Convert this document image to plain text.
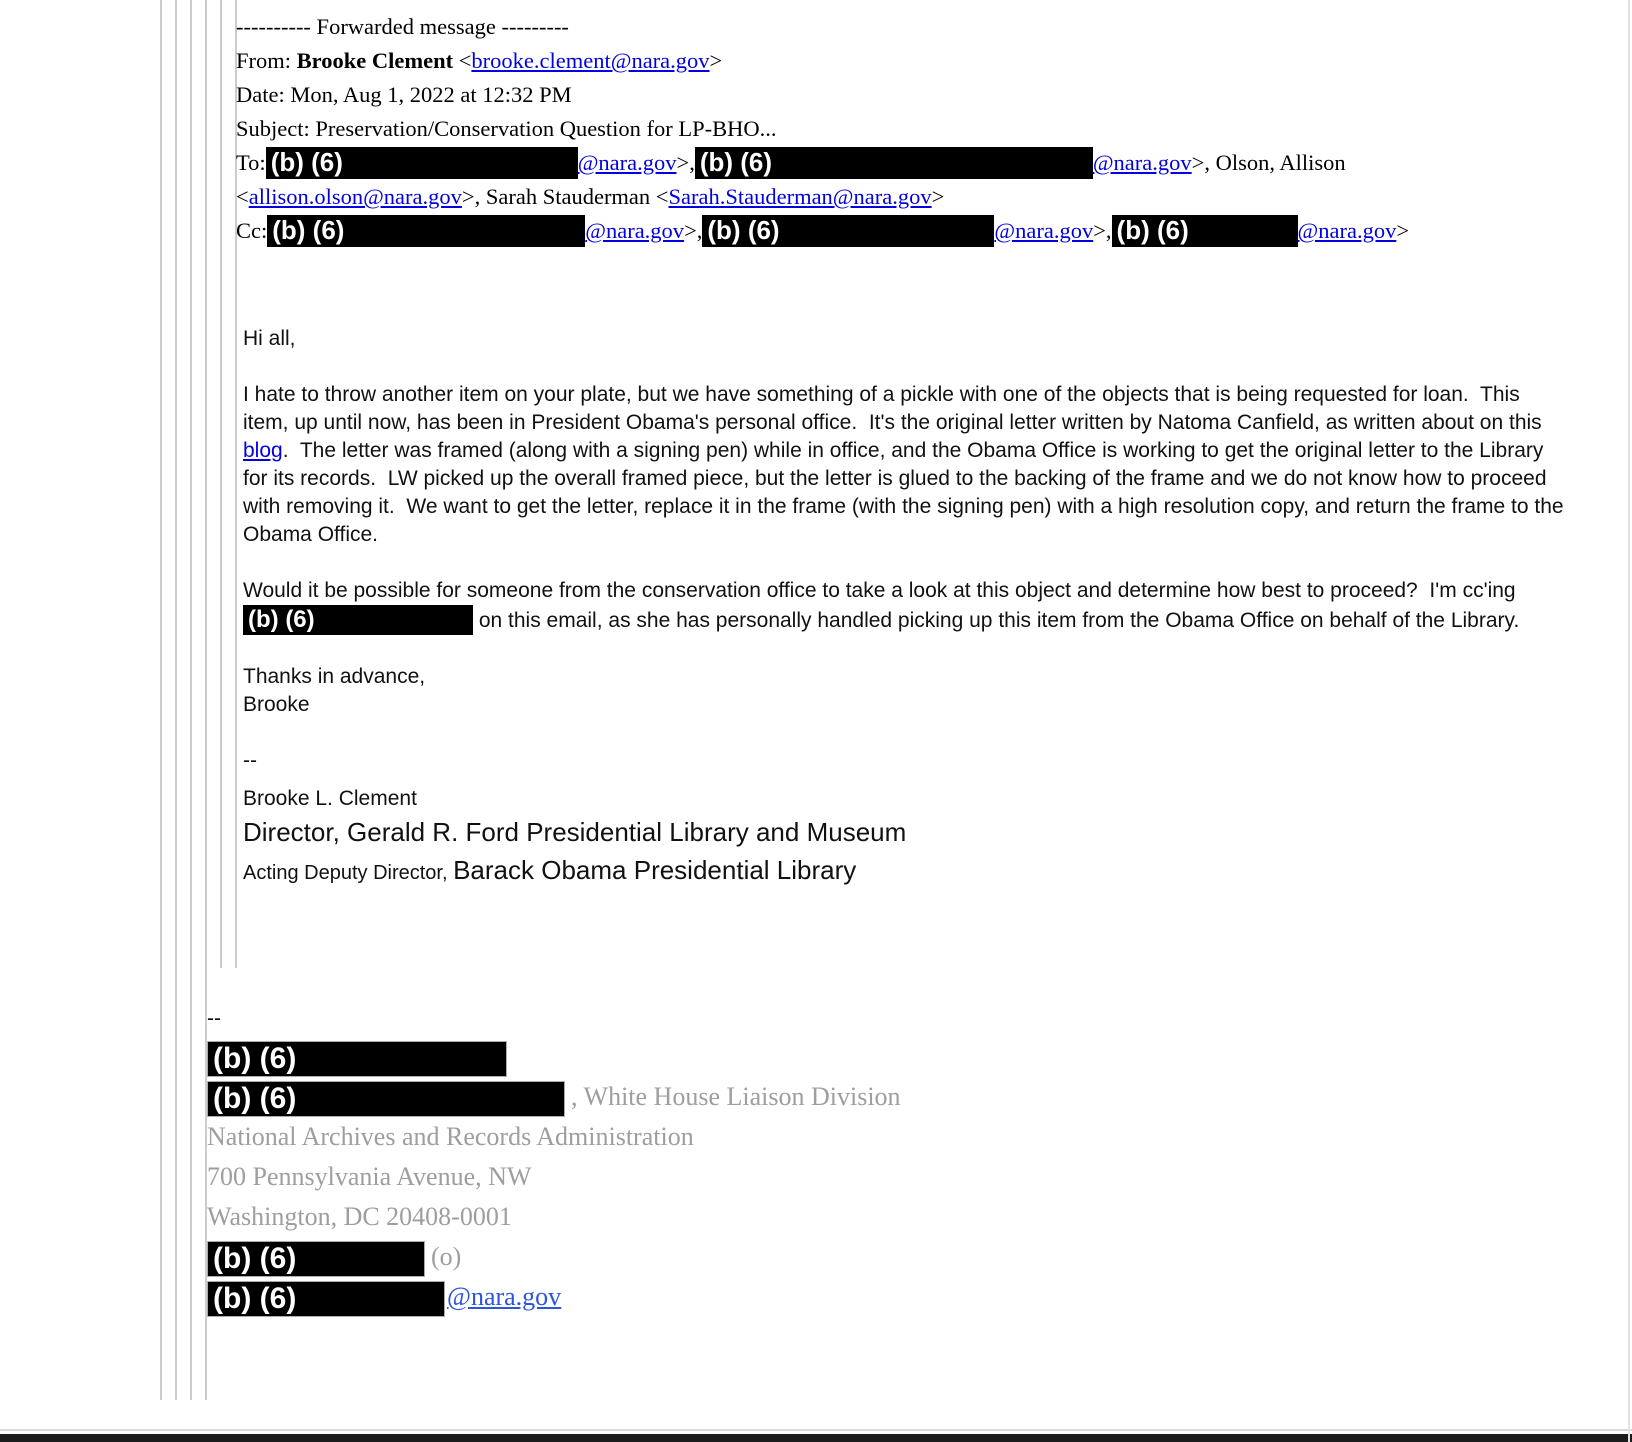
---------- Forwarded message ---------

From: Brooke Clement <brooke.clement@nara.gov>

Date: Mon, Aug 1, 2022 at 12:32 PM

Subject: Preservation/Conservation Question for LP-BHO...

To: (b) (6)	@nara.gov>, (b) (6)	@nara.gov>, Olson, Allison <allison.olson@nara.gov>, Sarah Stauderman <Sarah.Stauderman@nara.gov>

Cc: (b) (6)	@nara.gov>, (b) (6)	@nara.gov>, (b) (6)	@nara.gov>

Hi all,

I hate to throw another item on your plate, but we have something of a pickle with one of the objects that is being requested for loan.  This item, up until now, has been in President Obama's personal office.  It's the original letter written by Natoma Canfield, as written about on this blog.  The letter was framed (along with a signing pen) while in office, and the Obama Office is working to get the original letter to the Library for its records.  LW picked up the overall framed piece, but the letter is glued to the backing of the frame and we do not know how to proceed with removing it.  We want to get the letter, replace it in the frame (with the signing pen) with a high resolution copy, and return the frame to the Obama Office.

Would it be possible for someone from the conservation office to take a look at this object and determine how best to proceed?  I'm cc'ing(b) (6)	on this email, as she has personally handled picking up this item from the Obama Office on behalf of the Library.

Thanks in advance,
Brooke

--

Brooke L. Clement

Director, Gerald R. Ford Presidential Library and Museum

Acting Deputy Director, Barack Obama Presidential Library

--

(b) (6)

(b) (6)	, White House Liaison Division

National Archives and Records Administration

700 Pennsylvania Avenue, NW

Washington, DC 20408-0001

(b) (6)	(o)

(b) (6)	@nara.gov
